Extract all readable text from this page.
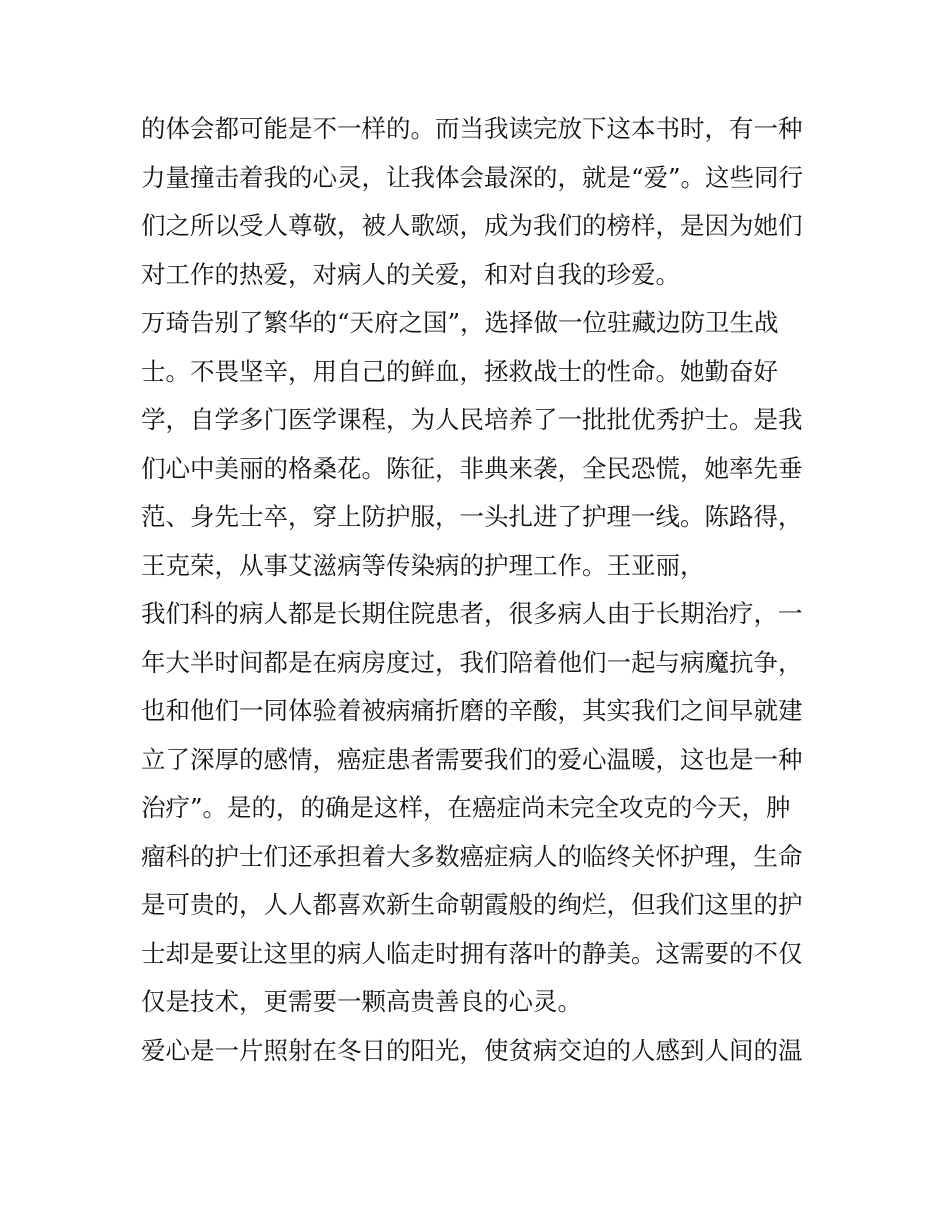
的体会都可能是不一样的。而当我读完放下这本书时，有一种
力量撞击着我的心灵，让我体会最深的，就是“爱”。这些同行
们之所以受人尊敬，被人歌颂，成为我们的榜样，是因为她们
对工作的热爱，对病人的关爱，和对自我的珍爱。
万琦告别了繁华的“天府之国”，选择做一位驻藏边防卫生战
士。不畏坚辛，用自己的鲜血，拯救战士的性命。她勤奋好
学，自学多门医学课程，为人民培养了一批批优秀护士。是我
们心中美丽的格桑花。陈征，非典来袭，全民恐慌，她率先垂
范、身先士卒，穿上防护服，一头扎进了护理一线。陈路得，
王克荣，从事艾滋病等传染病的护理工作。王亚丽，
我们科的病人都是长期住院患者，很多病人由于长期治疗，一
年大半时间都是在病房度过，我们陪着他们一起与病魔抗争，
也和他们一同体验着被病痛折磨的辛酸，其实我们之间早就建
立了深厚的感情，癌症患者需要我们的爱心温暖，这也是一种
治疗”。是的，的确是这样，在癌症尚未完全攻克的今天，肿
瘤科的护士们还承担着大多数癌症病人的临终关怀护理，生命
是可贵的，人人都喜欢新生命朝霞般的绚烂，但我们这里的护
士却是要让这里的病人临走时拥有落叶的静美。这需要的不仅
仅是技术，更需要一颗高贵善良的心灵。
爱心是一片照射在冬日的阳光，使贫病交迫的人感到人间的温
